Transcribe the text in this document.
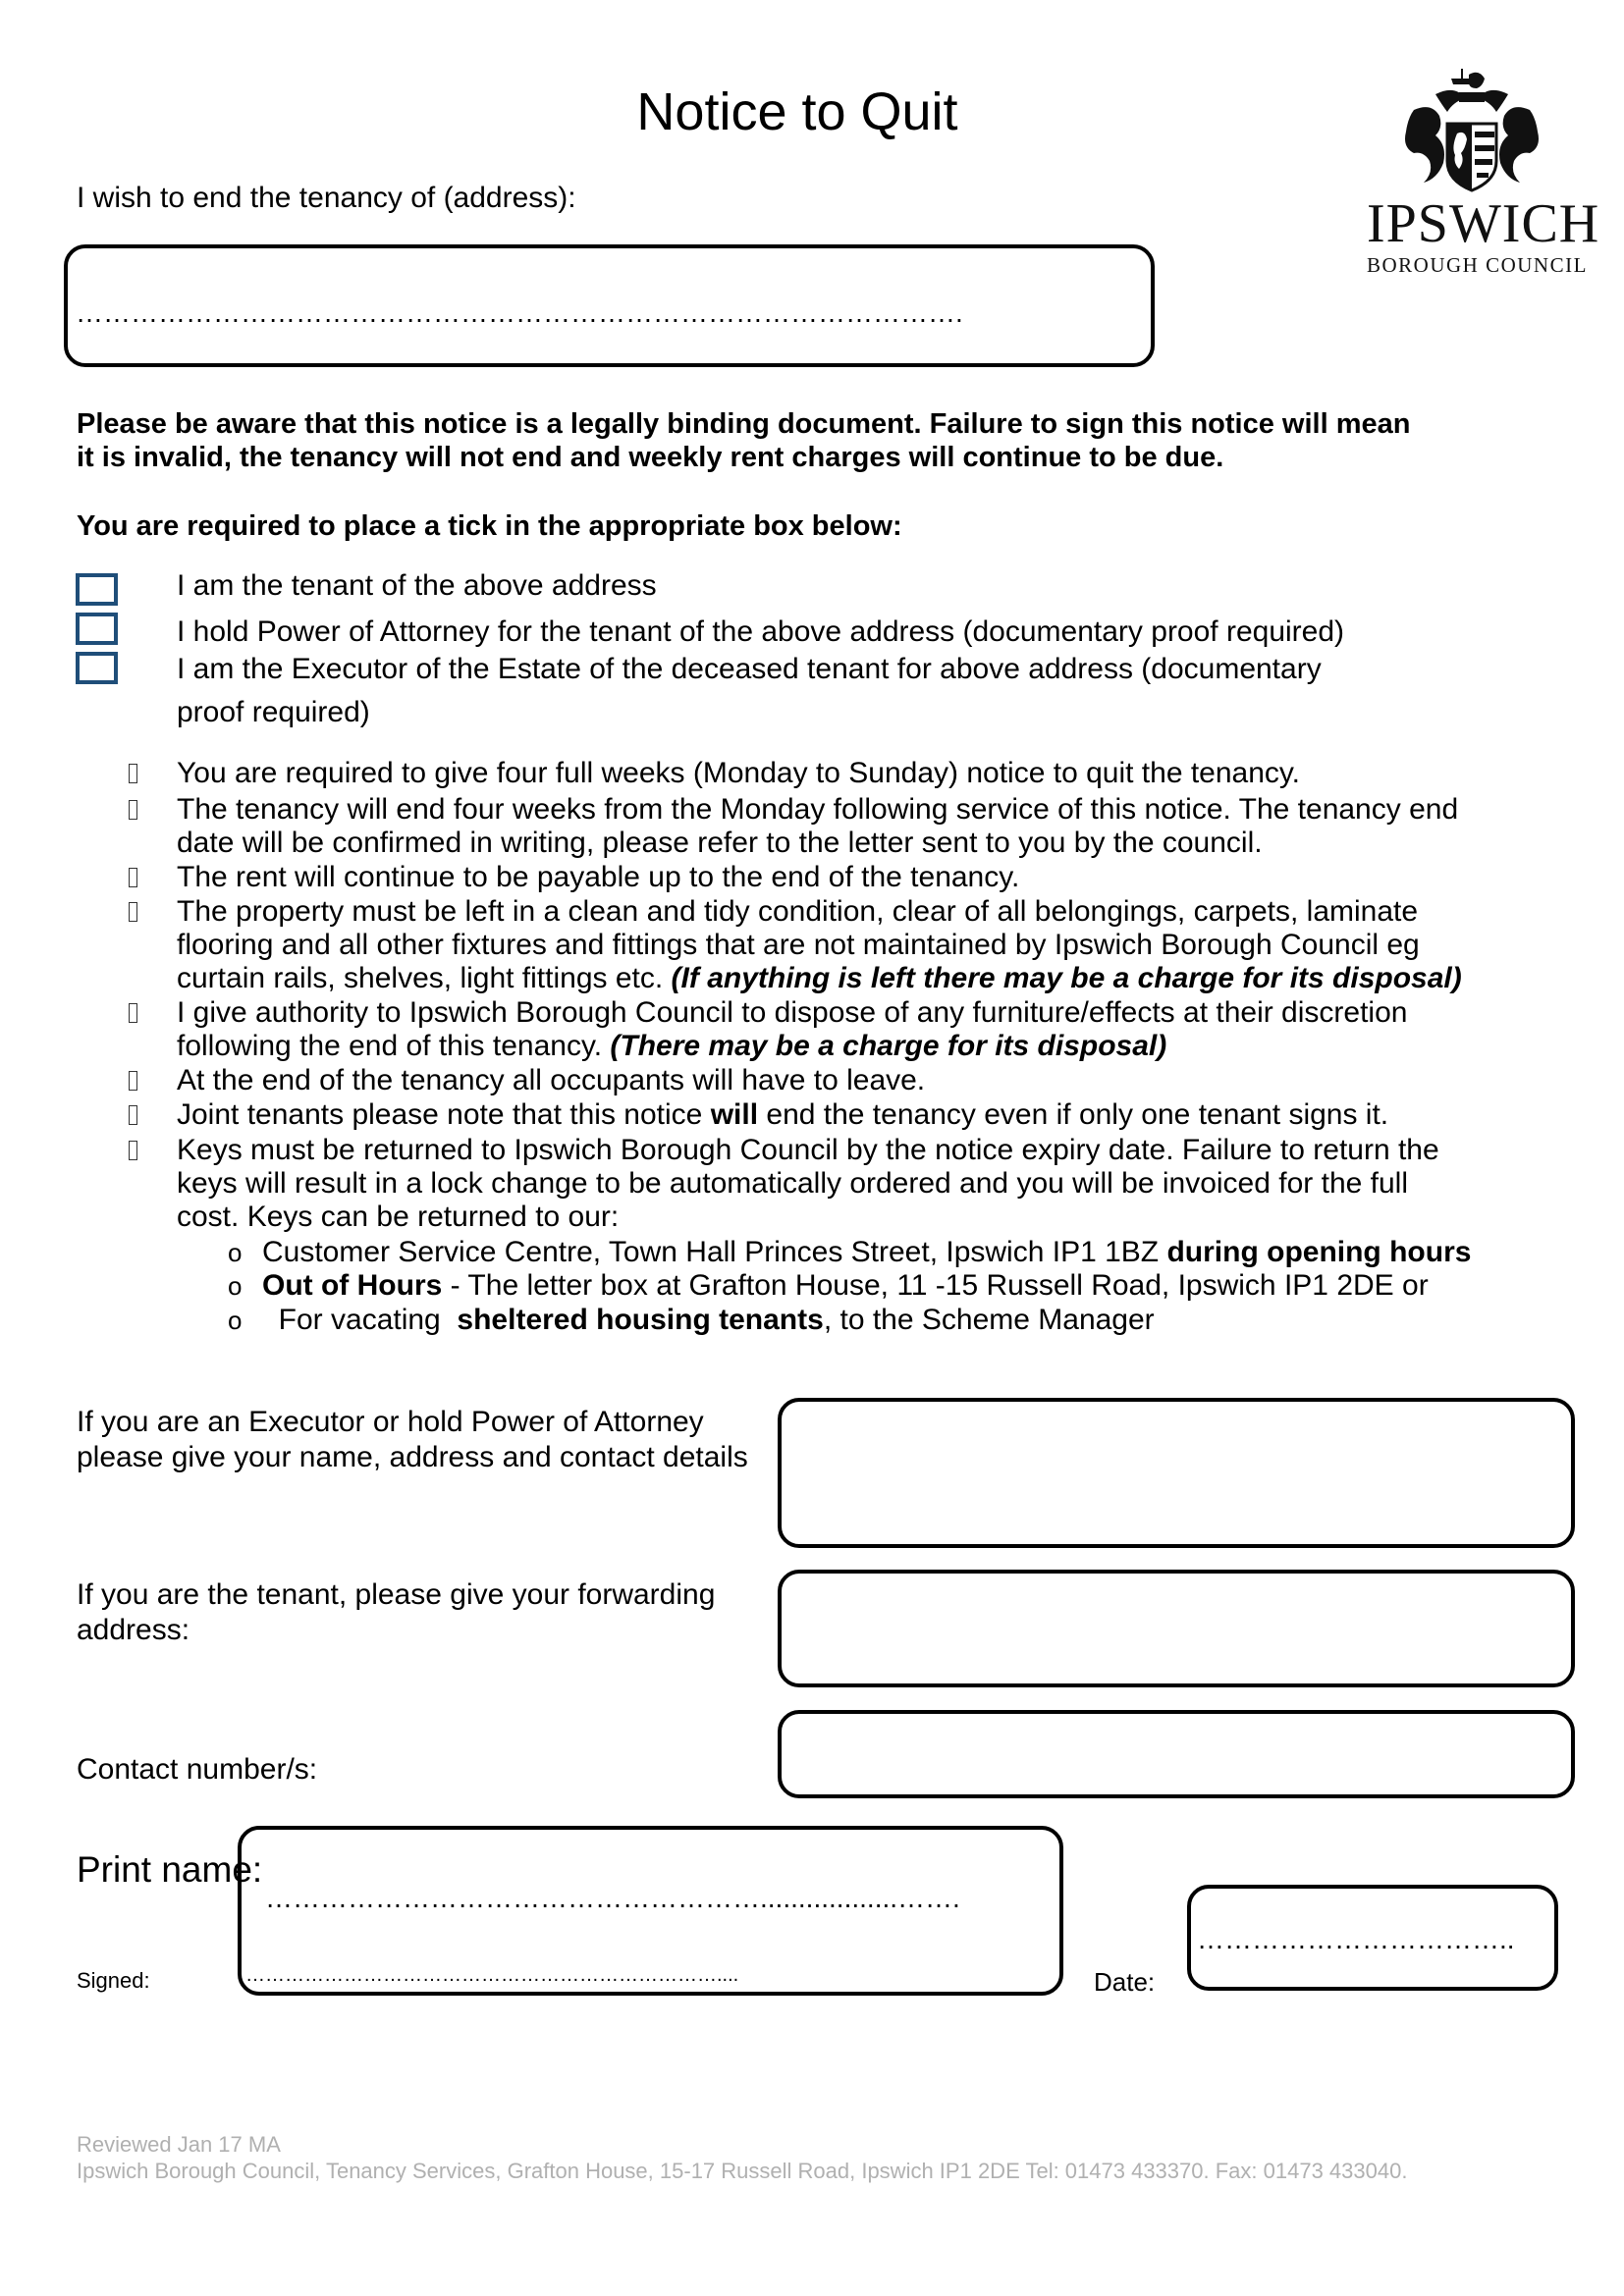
Notice to Quit
IPSWICH
BOROUGH COUNCIL
I wish to end the tenancy of (address):
…………………………………………………………………………………….
Please be aware that this notice is a legally binding document. Failure to sign this notice will mean
it is invalid, the tenancy will not end and weekly rent charges will continue to be due.
You are required to place a tick in the appropriate box below:
I am the tenant of the above address
I hold Power of Attorney for the tenant of the above address (documentary proof required)
I am the Executor of the Estate of the deceased tenant for above address (documentary
proof required)
You are required to give four full weeks (Monday to Sunday) notice to quit the tenancy.
The tenancy will end four weeks from the Monday following service of this notice. The tenancy end
date will be confirmed in writing, please refer to the letter sent to you by the council.
The rent will continue to be payable up to the end of the tenancy.
The property must be left in a clean and tidy condition, clear of all belongings, carpets, laminate
flooring and all other fixtures and fittings that are not maintained by Ipswich Borough Council eg
curtain rails, shelves, light fittings etc. (If anything is left there may be a charge for its disposal)
I give authority to Ipswich Borough Council to dispose of any furniture/effects at their discretion
following the end of this tenancy. (There may be a charge for its disposal)
At the end of the tenancy all occupants will have to leave.
Joint tenants please note that this notice will end the tenancy even if only one tenant signs it.
Keys must be returned to Ipswich Borough Council by the notice expiry date. Failure to return the
keys will result in a lock change to be automatically ordered and you will be invoiced for the full
cost. Keys can be returned to our:
o Customer Service Centre, Town Hall Princes Street, Ipswich IP1 1BZ during opening hours
o Out of Hours - The letter box at Grafton House, 11 -15 Russell Road, Ipswich IP1 2DE or
o For vacating  sheltered housing tenants, to the Scheme Manager
If you are an Executor or hold Power of Attorney
please give your name, address and contact details
If you are the tenant, please give your forwarding
address:
Contact number/s:
………………………………………………..................…….
………………………………………………………………....
Print name:
Signed:	Date:
……………………………..
Reviewed Jan 17 MA
Ipswich Borough Council, Tenancy Services, Grafton House, 15-17 Russell Road, Ipswich IP1 2DE Tel: 01473 433370. Fax: 01473 433040.
